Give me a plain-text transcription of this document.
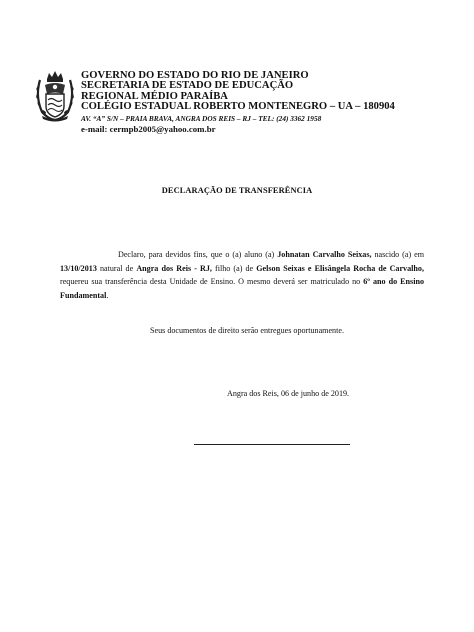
GOVERNO DO ESTADO DO RIO DE JANEIRO
SECRETARIA DE ESTADO DE EDUCAÇÃO
REGIONAL MÉDIO PARAÍBA
COLÉGIO ESTADUAL ROBERTO MONTENEGRO – UA – 180904
AV. “A” S/N – PRAIA BRAVA, ANGRA DOS REIS – RJ – TEL: (24) 3362 1958
e-mail: cermpb2005@yahoo.com.br
DECLARAÇÃO DE TRANSFERÊNCIA
Declaro, para devidos fins, que o (a) aluno (a) Johnatan Carvalho Seixas, nascido (a) em 13/10/2013 natural de Angra dos Reis - RJ, filho (a) de Gelson Seixas e Elisângela Rocha de Carvalho, requereu sua transferência desta Unidade de Ensino. O mesmo deverá ser matriculado no 6º ano do Ensino Fundamental.
Seus documentos de direito serão entregues oportunamente.
Angra dos Reis, 06 de junho de 2019.
